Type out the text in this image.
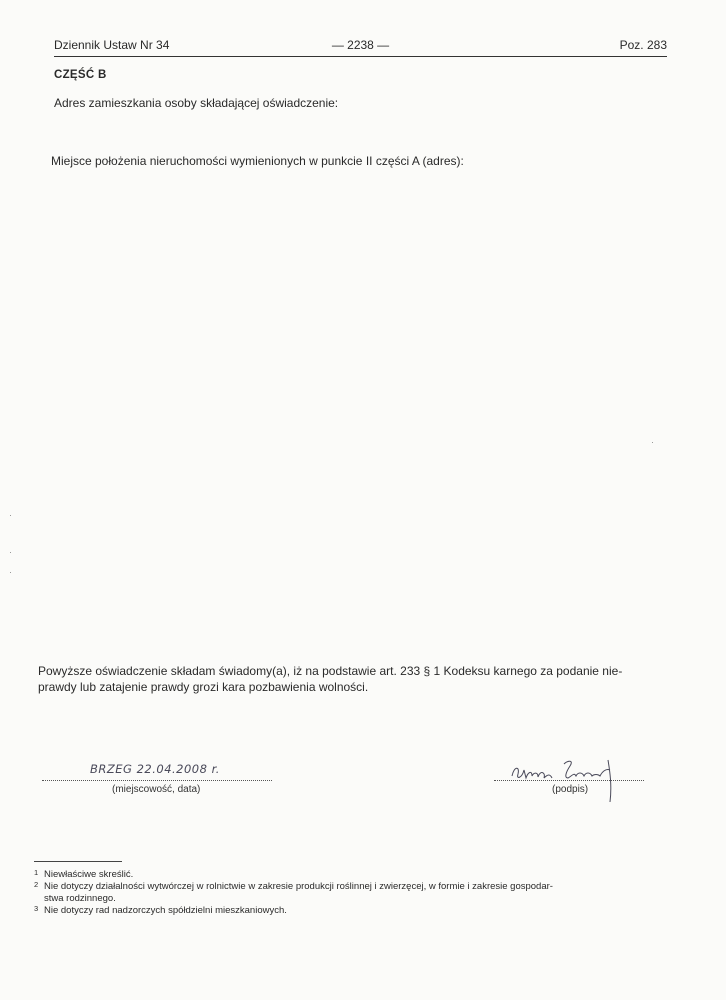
Dziennik Ustaw Nr 34	— 2238 —	Poz. 283
CZĘŚĆ B
Adres zamieszkania osoby składającej oświadczenie:
Miejsce położenia nieruchomości wymienionych w punkcie II części A (adres):
Powyższe oświadczenie składam świadomy(a), iż na podstawie art. 233 § 1 Kodeksu karnego za podanie nie-
prawdy lub zatajenie prawdy grozi kara pozbawienia wolności.
BRZEG 22.04.2008 r.
(miejscowość, data)	(podpis)
1 Niewłaściwe skreślić.
2 Nie dotyczy działalności wytwórczej w rolnictwie w zakresie produkcji roślinnej i zwierzęcej, w formie i zakresie gospodar-
stwa rodzinnego.
3 Nie dotyczy rad nadzorczych spółdzielni mieszkaniowych.
